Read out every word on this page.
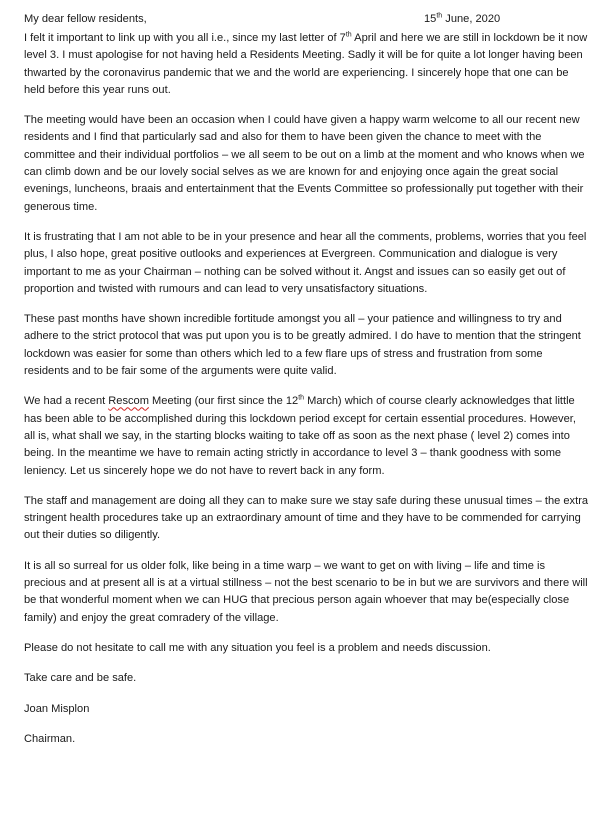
My dear fellow residents,	15th June, 2020

I felt it important to link up with you all i.e., since my last letter of 7th April and here we are still in lockdown be it now level 3. I must apologise for not having held a Residents Meeting. Sadly it will be for quite a lot longer having been thwarted by the coronavirus pandemic that we and the world are experiencing. I sincerely hope that one can be held before this year runs out.

The meeting would have been an occasion when I could have given a happy warm welcome to all our recent new residents and I find that particularly sad and also for them to have been given the chance to meet with the committee and their individual portfolios – we all seem to be out on a limb at the moment and who knows when we can climb down and be our lovely social selves as we are known for and enjoying once again the great social evenings, luncheons, braais and entertainment that the Events Committee so professionally put together with their generous time.

It is frustrating that I am not able to be in your presence and hear all the comments, problems, worries that you feel plus, I also hope, great positive outlooks and experiences at Evergreen. Communication and dialogue is very important to me as your Chairman – nothing can be solved without it. Angst and issues can so easily get out of proportion and twisted with rumours and can lead to very unsatisfactory situations.

These past months have shown incredible fortitude amongst you all – your patience and willingness to try and adhere to the strict protocol that was put upon you is to be greatly admired. I do have to mention that the stringent lockdown was easier for some than others which led to a few flare ups of stress and frustration from some residents and to be fair some of the arguments were quite valid.

We had a recent Rescom Meeting (our first since the 12th March) which of course clearly acknowledges that little has been able to be accomplished during this lockdown period except for certain essential procedures. However, all is, what shall we say, in the starting blocks waiting to take off as soon as the next phase ( level 2) comes into being. In the meantime we have to remain acting strictly in accordance to level 3 – thank goodness with some leniency. Let us sincerely hope we do not have to revert back in any form.

The staff and management are doing all they can to make sure we stay safe during these unusual times – the extra stringent health procedures take up an extraordinary amount of time and they have to be commended for carrying out their duties so diligently.

It is all so surreal for us older folk, like being in a time warp – we want to get on with living – life and time is precious and at present all is at a virtual stillness – not the best scenario to be in but we are survivors and there will be that wonderful moment when we can HUG that precious person again whoever that may be(especially close family) and enjoy the great comradery of the village.

Please do not hesitate to call me with any situation you feel is a problem and needs discussion.

Take care and be safe.

Joan Misplon

Chairman.
